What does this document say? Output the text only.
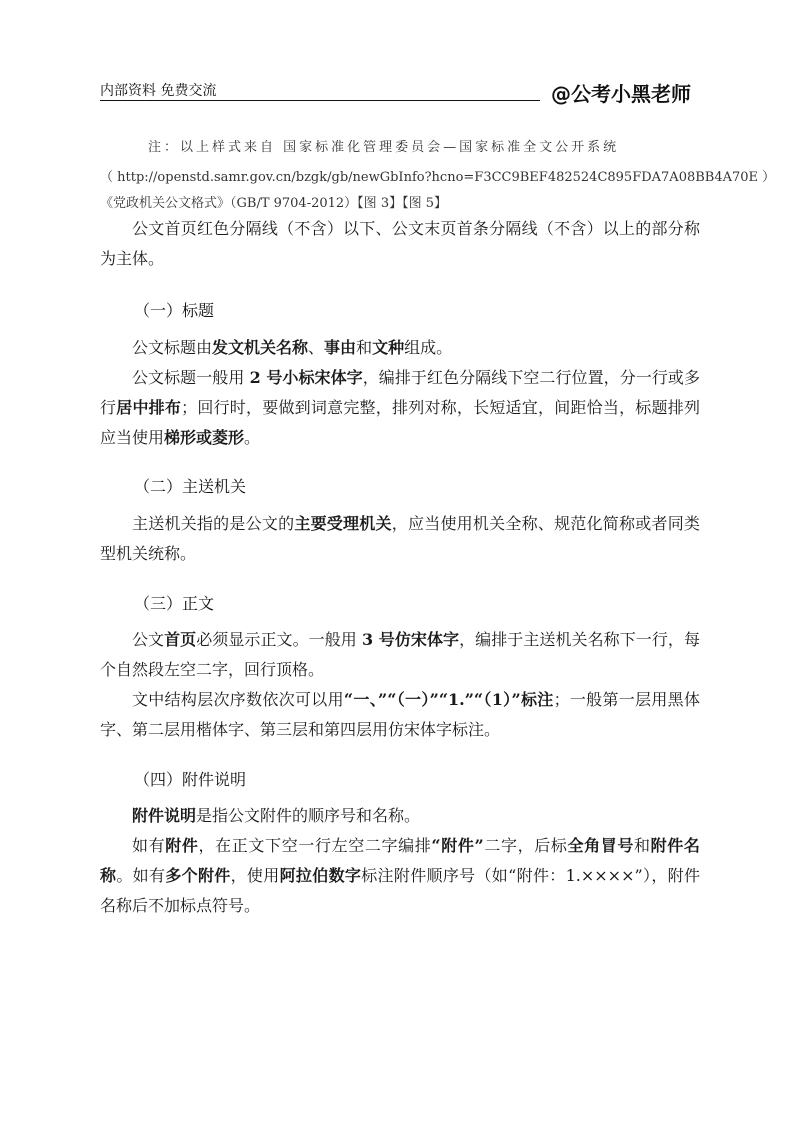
内部资料 免费交流	@公考小黑老师
注：以上样式来自 国家标准化管理委员会—国家标准全文公开系统
（ http://openstd.samr.gov.cn/bzgk/gb/newGbInfo?hcno=F3CC9BEF482524C895FDA7A08BB4A70E ）
《党政机关公文格式》（GB/T 9704-2012）【图 3】【图 5】
公文首页红色分隔线（不含）以下、公文末页首条分隔线（不含）以上的部分称为主体。
（一）标题
公文标题由发文机关名称、事由和文种组成。
公文标题一般用 2 号小标宋体字，编排于红色分隔线下空二行位置，分一行或多行居中排布；回行时，要做到词意完整，排列对称，长短适宜，间距恰当，标题排列应当使用梯形或菱形。
（二）主送机关
主送机关指的是公文的主要受理机关，应当使用机关全称、规范化简称或者同类型机关统称。
（三）正文
公文首页必须显示正文。一般用 3 号仿宋体字，编排于主送机关名称下一行，每个自然段左空二字，回行顶格。
文中结构层次序数依次可以用“一、”“（一）”“1.”“（1）”标注；一般第一层用黑体字、第二层用楷体字、第三层和第四层用仿宋体字标注。
（四）附件说明
附件说明是指公文附件的顺序号和名称。
如有附件，在正文下空一行左空二字编排“附件”二字，后标全角冒号和附件名称。如有多个附件，使用阿拉伯数字标注附件顺序号（如“附件：1.××××”），附件名称后不加标点符号。
